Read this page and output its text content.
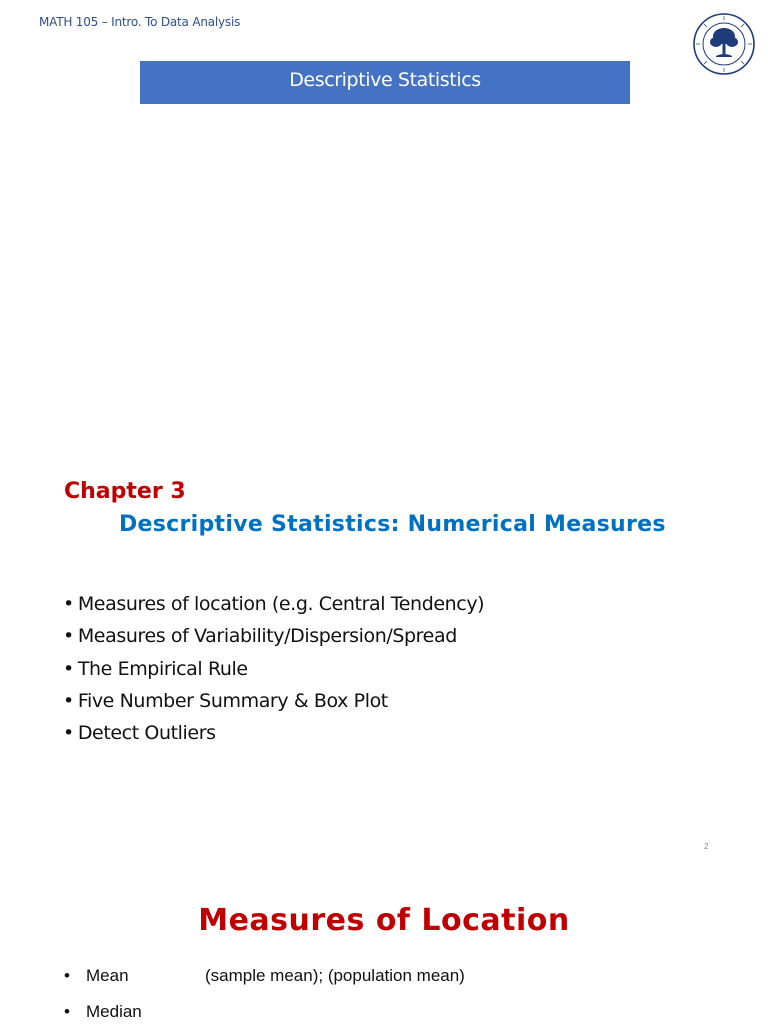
MATH 105 – Intro. To Data Analysis
Descriptive Statistics
Chapter 3
Descriptive Statistics: Numerical Measures
• Measures of location (e.g. Central Tendency)
• Measures of Variability/Dispersion/Spread
• The Empirical Rule
• Five Number Summary & Box Plot
• Detect Outliers
2
Measures of Location
• Mean	(sample mean); (population mean)
• Median
